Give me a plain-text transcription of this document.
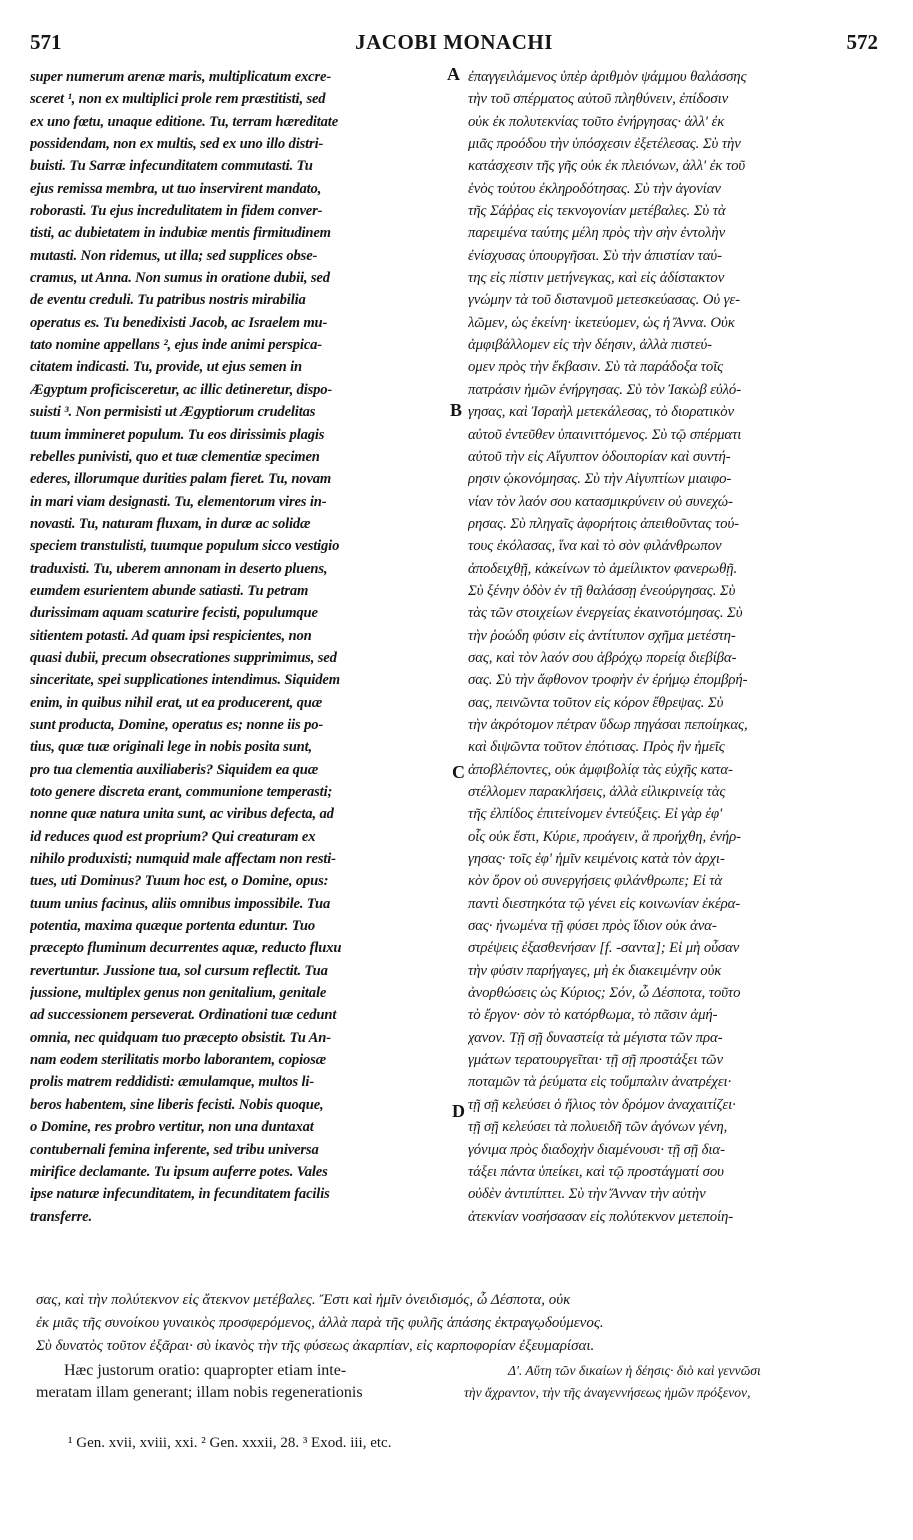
571	JACOBI MONACHI	572
super numerum arenæ maris, multiplicatum excre-
sceret ¹, non ex multiplici prole rem præstitisti, sed
ex uno fœtu, unaque editione. Tu, terram hæreditate
possidendam, non ex multis, sed ex uno illo distri-
buisti. Tu Sarræ infecunditatem commutasti. Tu
ejus remissa membra, ut tuo inservirent mandato,
roborasti. Tu ejus incredulitatem in fidem conver-
tisti, ac dubietatem in indubiæ mentis firmitudinem
mutasti. Non ridemus, ut illa; sed supplices obse-
cramus, ut Anna. Non sumus in oratione dubii, sed
de eventu creduli. Tu patribus nostris mirabilia
operatus es. Tu benedixisti Jacob, ac Israelem mu-
tato nomine appellans ², ejus inde animi perspica-
citatem indicasti. Tu, provide, ut ejus semen in
Ægyptum proficisceretur, ac illic detineretur, dispo-
suisti ³. Non permisisti ut Ægyptiorum crudelitas
tuum immineret populum. Tu eos dirissimis plagis
rebelles punivisti, quo et tuæ clementiæ specimen
ederes, illorumque durities palam fieret. Tu, novam
in mari viam designasti. Tu, elementorum vires in-
novasti. Tu, naturam fluxam, in duræ ac solidæ
speciem transtulisti, tuumque populum sicco vestigio
traduxisti. Tu, uberem annonam in deserto pluens,
eumdem esurientem abunde satiasti. Tu petram
durissimam aquam scaturire fecisti, populumque
sitientem potasti. Ad quam ipsi respicientes, non
quasi dubii, precum obsecrationes supprimimus, sed
sinceritate, spei supplicationes intendimus. Siquidem
enim, in quibus nihil erat, ut ea producerent, quæ
sunt producta, Domine, operatus es; nonne iis po-
tius, quæ tuæ originali lege in nobis posita sunt,
pro tua clementia auxiliaberis? Siquidem ea quæ
toto genere discreta erant, communione temperasti;
nonne quæ natura unita sunt, ac viribus defecta, ad
id reduces quod est proprium? Qui creaturam ex
nihilo produxisti; numquid male affectam non resti-
tues, uti Dominus? Tuum hoc est, o Domine, opus:
tuum unius facinus, aliis omnibus impossibile. Tua
potentia, maxima quæque portenta eduntur. Tuo
præcepto fluminum decurrentes aquæ, reducto fluxu
revertuntur. Jussione tua, sol cursum reflectit. Tua
jussione, multiplex genus non genitalium, genitale
ad successionem perseverat. Ordinationi tuæ cedunt
omnia, nec quidquam tuo præcepto obsistit. Tu An-
nam eodem sterilitatis morbo laborantem, copiosæ
prolis matrem reddidisti: æmulamque, multos li-
beros habentem, sine liberis fecisti. Nobis quoque,
o Domine, res probro vertitur, non una duntaxat
contubernali femina inferente, sed tribu universa
mirifice declamante. Tu ipsum auferre potes. Vales
ipse naturæ infecunditatem, in fecunditatem facilis
transferre.
ἐπαγγειλάμενος ὑπὲρ ἀριθμὸν ψάμμου θαλάσσης
τὴν τοῦ σπέρματος αὐτοῦ πληθύνειν, ἐπίδοσιν
οὐκ ἐκ πολυτεκνίας τοῦτο ἐνήργησας· ἀλλ' ἐκ
μιᾶς προόδου τὴν ὑπόσχεσιν ἐξετέλεσας. Σὺ τὴν
κατάσχεσιν τῆς γῆς οὐκ ἐκ πλειόνων, ἀλλ' ἐκ τοῦ
ἑνὸς τούτου ἐκληροδότησας. Σὺ τὴν ἀγονίαν
τῆς Σάῤῥας εἰς τεκνογονίαν μετέβαλες. Σὺ τὰ
παρειμένα ταύτης μέλη πρὸς τὴν σὴν ἐντολὴν
ἐνίσχυσας ὑπουργῆσαι. Σὺ τὴν ἀπιστίαν ταύ-
της εἰς πίστιν μετήνεγκας, καὶ εἰς ἀδίστακτον
γνώμην τὰ τοῦ διστανμοῦ μετεσκεύασας. Οὐ γε-
λῶμεν, ὡς ἐκείνη· ἱκετεύομεν, ὡς ἡ Ἄννα. Οὐκ
ἀμφιβάλλομεν εἰς τὴν δέησιν, ἀλλὰ πιστεύ-
ομεν πρὸς τὴν ἔκβασιν. Σὺ τὰ παράδοξα τοῖς
πατράσιν ἡμῶν ἐνήργησας. Σὺ τὸν Ἰακὼβ εὐλό-
γησας, καὶ Ἰσραὴλ μετεκάλεσας, τὸ διορατικὸν
αὐτοῦ ἐντεῦθεν ὑπαινιττόμενος. Σὺ τῷ σπέρματι
αὐτοῦ τὴν εἰς Αἴγυπτον ὁδοιπορίαν καὶ συντή-
ρησιν ᾠκονόμησας. Σὺ τὴν Αἰγυπτίων μιαιφο-
νίαν τὸν λαόν σου κατασμικρύνειν οὐ συνεχώ-
ρησας. Σὺ πληγαῖς ἀφορήτοις ἀπειθοῦντας τού-
τους ἐκόλασας, ἵνα καὶ τὸ σὸν φιλάνθρωπον
ἀποδειχθῇ, κἀκείνων τὸ ἀμείλικτον φανερωθῇ.
Σὺ ξένην ὁδὸν ἐν τῇ θαλάσσῃ ἐνεούργησας. Σὺ
τὰς τῶν στοιχείων ἐνεργείας ἐκαινοτόμησας. Σὺ
τὴν ῥοώδη φύσιν εἰς ἀντίτυπον σχῆμα μετέστη-
σας, καὶ τὸν λαόν σου ἀβρόχῳ πορείᾳ διεβίβα-
σας. Σὺ τὴν ἄφθονον τροφὴν ἐν ἐρήμῳ ἐπομβρή-
σας, πεινῶντα τοῦτον εἰς κόρον ἔθρεψας. Σὺ
τὴν ἀκρότομον πέτραν ὕδωρ πηγάσαι πεποίηκας,
καὶ διψῶντα τοῦτον ἐπότισας. Πρὸς ἣν ἡμεῖς
ἀποβλέποντες, οὐκ ἀμφιβολίᾳ τὰς εὐχῆς κατα-
στέλλομεν παρακλήσεις, ἀλλὰ εἰλικρινείᾳ τὰς
τῆς ἐλπίδος ἐπιτείνομεν ἐντεύξεις. Εἰ γὰρ ἐφ'
οἷς οὐκ ἔστι, Κύριε, προάγειν, ἃ προήχθη, ἐνήρ-
γησας· τοῖς ἐφ' ἡμῖν κειμένοις κατὰ τὸν ἀρχι-
κὸν ὅρον οὐ συνεργήσεις φιλάνθρωπε; Εἰ τὰ
παντὶ διεστηκότα τῷ γένει εἰς κοινωνίαν ἐκέρα-
σας· ἡνωμένα τῇ φύσει πρὸς ἴδιον οὐκ ἀνα-
στρέψεις ἐξασθενήσαν [f. -σαντα]; Εἰ μὴ οὖσαν
τὴν φύσιν παρήγαγες, μὴ ἐκ διακειμένην οὐκ
ἀνορθώσεις ὡς Κύριος; Σόν, ὦ Δέσποτα, τοῦτο
τὸ ἔργον· σὸν τὸ κατόρθωμα, τὸ πᾶσιν ἀμή-
χανον. Τῇ σῇ δυναστείᾳ τὰ μέγιστα τῶν πρα-
γμάτων τερατουργεῖται· τῇ σῇ προστάξει τῶν
ποταμῶν τὰ ῥεύματα εἰς τοὔμπαλιν ἀνατρέχει·
τῇ σῇ κελεύσει ὁ ἥλιος τὸν δρόμον ἀναχαιτίζει·
τῇ σῇ κελεύσει τὰ πολυειδῆ τῶν ἀγόνων γένη,
γόνιμα πρὸς διαδοχὴν διαμένουσι· τῇ σῇ δια-
τάξει πάντα ὑπείκει, καὶ τῷ προστάγματί σου
οὐδὲν ἀντιπίπτει. Σὺ τὴν Ἄνναν τὴν αὐτὴν
ἀτεκνίαν νοσήσασαν εἰς πολύτεκνον μετεποίη-
A
B
C
D
σας, καὶ τὴν πολύτεκνον εἰς ἄτεκνον μετέβαλες. Ἔστι καὶ ἡμῖν ὀνειδισμός, ὦ Δέσποτα, οὐκ
ἐκ μιᾶς τῆς συνοίκου γυναικὸς προσφερόμενος, ἀλλὰ παρὰ τῆς φυλῆς ἁπάσης ἐκτραγῳδούμενος.
Σὺ δυνατὸς τοῦτον ἐξᾶραι· σὺ ἱκανὸς τὴν τῆς φύσεως ἀκαρπίαν, εἰς καρποφορίαν ἐξευμαρίσαι.
Hæc justorum oratio: quapropter etiam inte-
meratam illam generant; illam nobis regenerationis
Δ'. Αὕτη τῶν δικαίων ἡ δέησις· διὸ καὶ γεννῶσι
τὴν ἄχραντον, τὴν τῆς ἀναγεννήσεως ἡμῶν πρόξενον,
¹ Gen. xvii, xviii, xxi. ² Gen. xxxii, 28. ³ Exod. iii, etc.
